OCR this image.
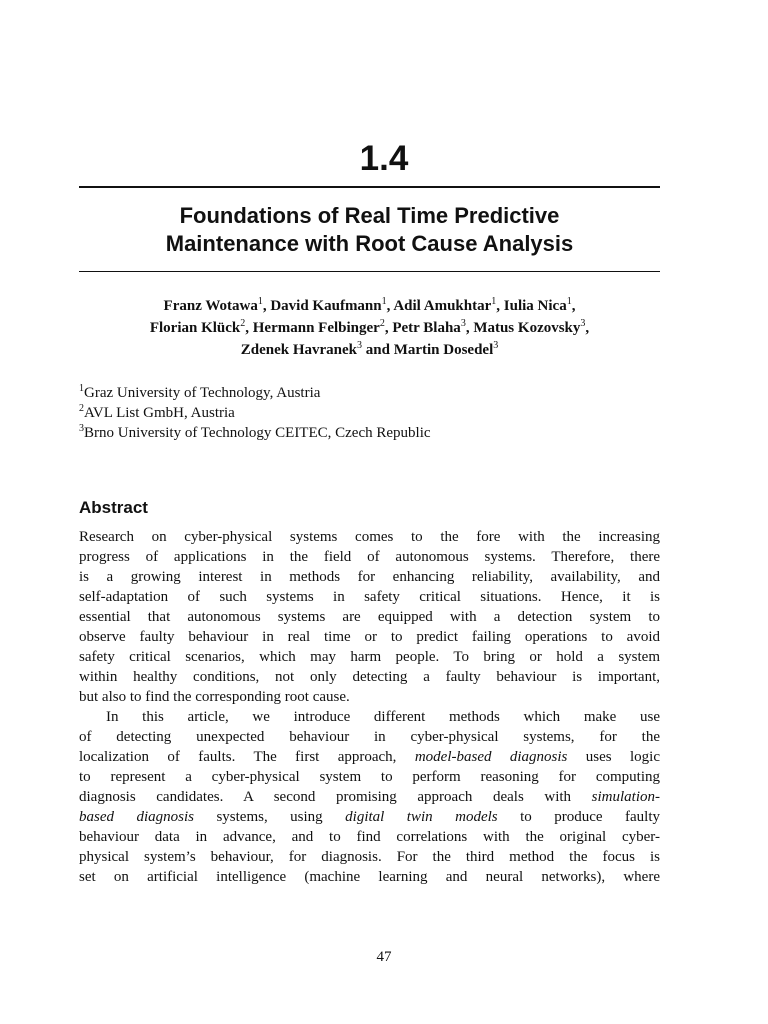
1.4
Foundations of Real Time Predictive
Maintenance with Root Cause Analysis
Franz Wotawa$^1$, David Kaufmann$^1$, Adil Amukhtar$^1$, Iulia Nica$^1$,
Florian Klück$^2$, Hermann Felbinger$^2$, Petr Blaha$^3$, Matus Kozovsky$^3$,
Zdenek Havranek$^3$ and Martin Dosedel$^3$
$^1$Graz University of Technology, Austria
$^2$AVL List GmbH, Austria
$^3$Brno University of Technology CEITEC, Czech Republic
Abstract
Research on cyber-physical systems comes to the fore with the increasing
progress of applications in the field of autonomous systems. Therefore, there
is a growing interest in methods for enhancing reliability, availability, and
self-adaptation of such systems in safety critical situations. Hence, it is
essential that autonomous systems are equipped with a detection system to
observe faulty behaviour in real time or to predict failing operations to avoid
safety critical scenarios, which may harm people. To bring or hold a system
within healthy conditions, not only detecting a faulty behaviour is important,
but also to find the corresponding root cause.
In this article, we introduce different methods which make use
of detecting unexpected behaviour in cyber-physical systems, for the
localization of faults. The first approach, model-based diagnosis uses logic
to represent a cyber-physical system to perform reasoning for computing
diagnosis candidates. A second promising approach deals with simulation-
based diagnosis systems, using digital twin models to produce faulty
behaviour data in advance, and to find correlations with the original cyber-
physical system’s behaviour, for diagnosis. For the third method the focus is
set on artificial intelligence (machine learning and neural networks), where
47
